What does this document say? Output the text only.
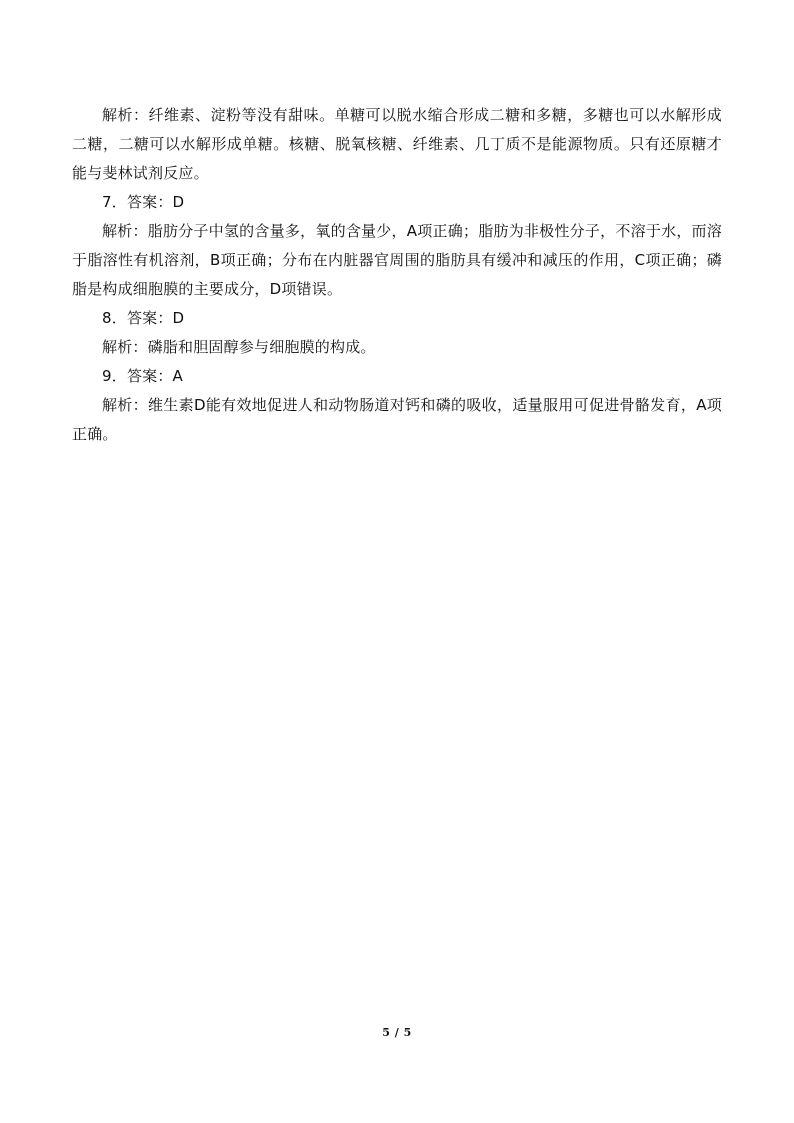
解析：纤维素、淀粉等没有甜味。单糖可以脱水缩合形成二糖和多糖，多糖也可以水解形成二糖，二糖可以水解形成单糖。核糖、脱氧核糖、纤维素、几丁质不是能源物质。只有还原糖才能与斐林试剂反应。

7．答案：D

解析：脂肪分子中氢的含量多，氧的含量少，A项正确；脂肪为非极性分子，不溶于水，而溶于脂溶性有机溶剂，B项正确；分布在内脏器官周围的脂肪具有缓冲和减压的作用，C项正确；磷脂是构成细胞膜的主要成分，D项错误。

8．答案：D

解析：磷脂和胆固醇参与细胞膜的构成。

9．答案：A

解析：维生素D能有效地促进人和动物肠道对钙和磷的吸收，适量服用可促进骨骼发育，A项正确。

5 / 5
